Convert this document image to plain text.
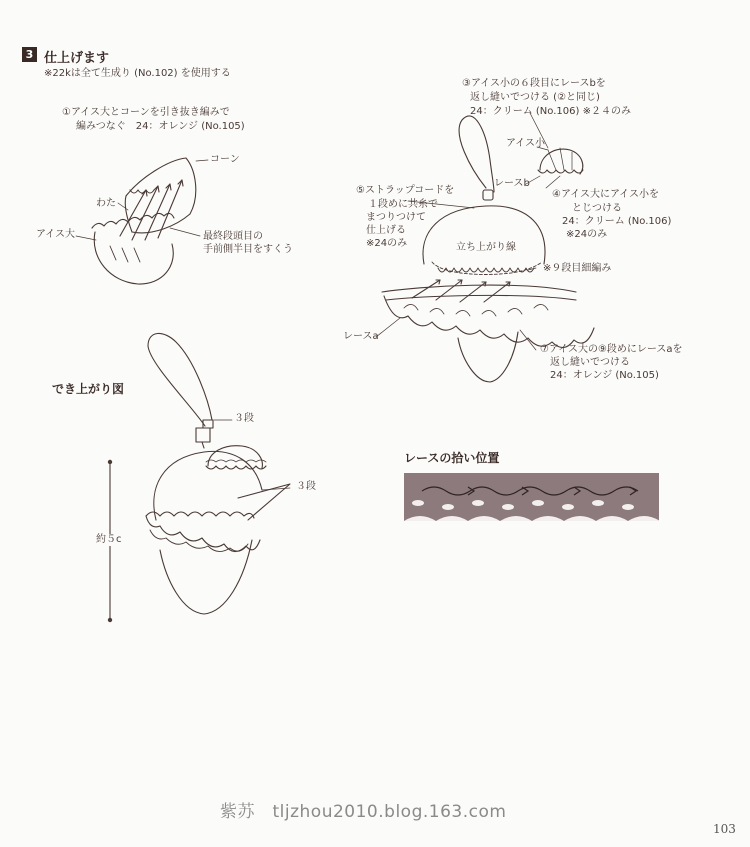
3 仕上げます
※22kは全て生成り (No.102) を使用する
①アイス大とコーンを引き抜き編みで
編みつなぐ　24：オレンジ (No.105)
コーン
わた
アイス大	最終段頭目の
手前側半目をすくう
③アイス小の６段目にレースbを
返し縫いでつける (②と同じ)
24：クリーム (No.106) ※２４のみ
アイス小
レースb
④アイス大にアイス小を
とじつける
24：クリーム (No.106)
※24のみ
⑤ストラップコードを
１段めに共糸で
まつりつけて
仕上げる
※24のみ	立ち上がり線
※９段目細編み
レースa
⑦アイス大の⑨段めにレースaを
返し縫いでつける
24：オレンジ (No.105)
でき上がり図
３段
３段
約５c
レースの拾い位置
紫苏　tljzhou2010.blog.163.com
103
